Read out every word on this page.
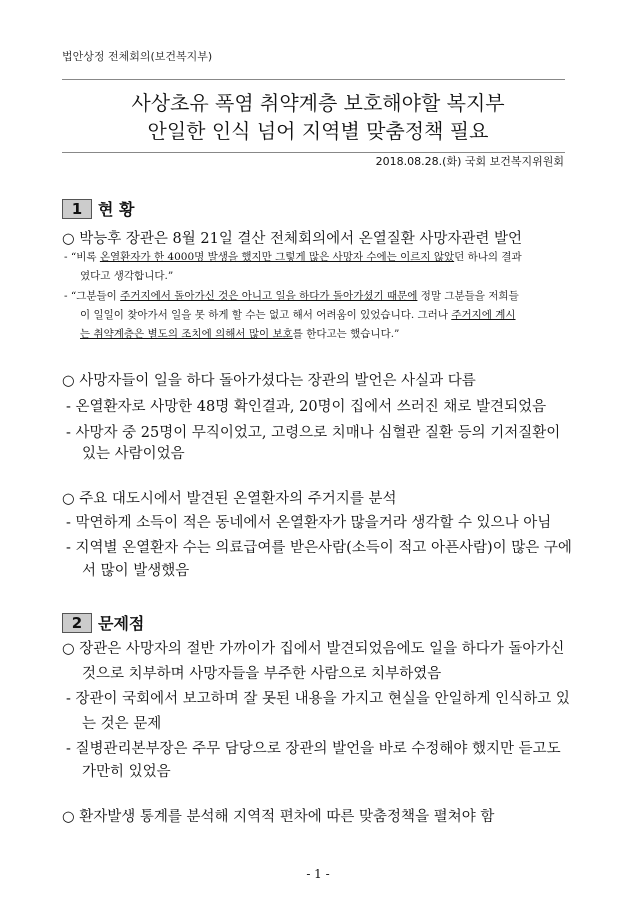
법안상정 전체회의(보건복지부)
사상초유 폭염 취약계층 보호해야할 복지부
안일한 인식 넘어 지역별 맞춤정책 필요
2018.08.28.(화) 국회 보건복지위원회
1 현 황
○ 박능후 장관은 8월 21일 결산 전체회의에서 온열질환 사망자관련 발언
- “비록 온열환자가 한 4000명 발생을 했지만 그렇게 많은 사망자 수에는 이르지 않았던 하나의 결과
였다고 생각합니다.”
- “그분들이 주거지에서 돌아가신 것은 아니고 일을 하다가 돌아가셨기 때문에 정말 그분들을 저희들
이 일일이 찾아가서 일을 못 하게 할 수는 없고 해서 어려움이 있었습니다. 그러나 주거지에 계시
는 취약계층은 별도의 조치에 의해서 많이 보호를 한다고는 했습니다.”
○ 사망자들이 일을 하다 돌아가셨다는 장관의 발언은 사실과 다름
- 온열환자로 사망한 48명 확인결과, 20명이 집에서 쓰러진 채로 발견되었음
- 사망자 중 25명이 무직이었고, 고령으로 치매나 심혈관 질환 등의 기저질환이
있는 사람이었음
○ 주요 대도시에서 발견된 온열환자의 주거지를 분석
- 막연하게 소득이 적은 동네에서 온열환자가 많을거라 생각할 수 있으나 아님
- 지역별 온열환자 수는 의료급여를 받은사람(소득이 적고 아픈사람)이 많은 구에
서 많이 발생했음
2 문제점
○ 장관은 사망자의 절반 가까이가 집에서 발견되었음에도 일을 하다가 돌아가신
것으로 치부하며 사망자들을 부주한 사람으로 치부하였음
- 장관이 국회에서 보고하며 잘 못된 내용을 가지고 현실을 안일하게 인식하고 있
는 것은 문제
- 질병관리본부장은 주무 담당으로 장관의 발언을 바로 수정해야 했지만 듣고도
가만히 있었음
○ 환자발생 통계를 분석해 지역적 편차에 따른 맞춤정책을 펼쳐야 함
- 1 -
